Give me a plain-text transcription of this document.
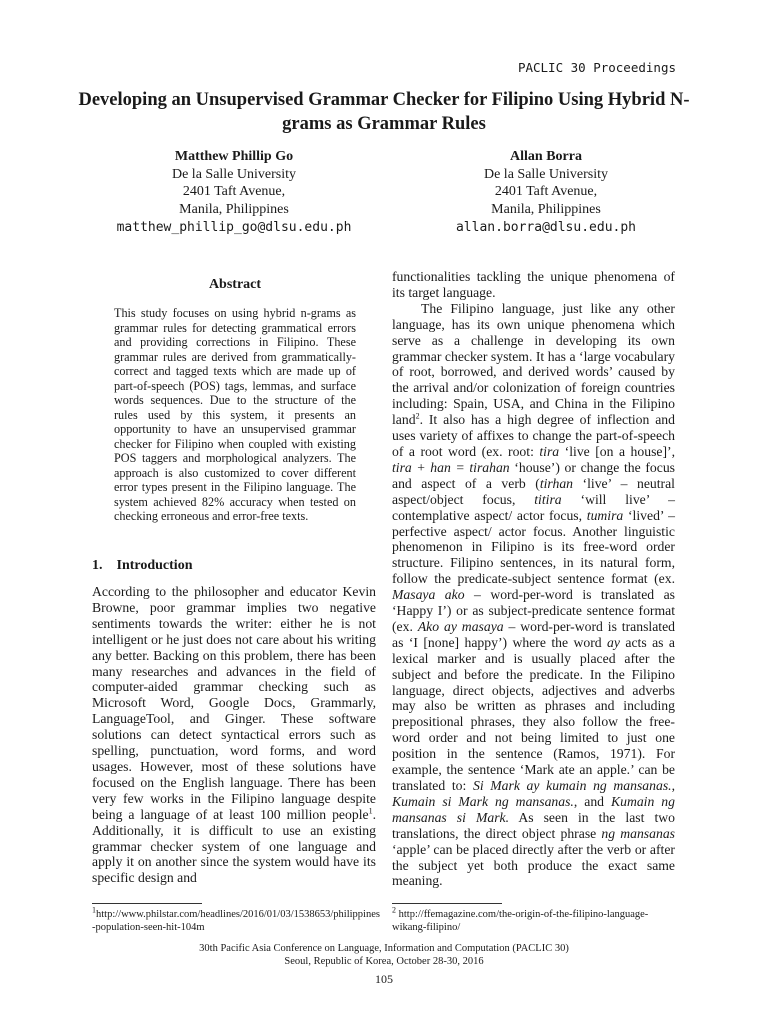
PACLIC 30 Proceedings
Developing an Unsupervised Grammar Checker for Filipino Using Hybrid N-grams as Grammar Rules
Matthew Phillip Go
De la Salle University
2401 Taft Avenue,
Manila, Philippines
matthew_phillip_go@dlsu.edu.ph
Allan Borra
De la Salle University
2401 Taft Avenue,
Manila, Philippines
allan.borra@dlsu.edu.ph
Abstract
This study focuses on using hybrid n-grams as grammar rules for detecting grammatical errors and providing corrections in Filipino. These grammar rules are derived from grammatically-correct and tagged texts which are made up of part-of-speech (POS) tags, lemmas, and surface words sequences. Due to the structure of the rules used by this system, it presents an opportunity to have an unsupervised grammar checker for Filipino when coupled with existing POS taggers and morphological analyzers. The approach is also customized to cover different error types present in the Filipino language. The system achieved 82% accuracy when tested on checking erroneous and error-free texts.
1. Introduction
According to the philosopher and educator Kevin Browne, poor grammar implies two negative sentiments towards the writer: either he is not intelligent or he just does not care about his writing any better. Backing on this problem, there has been many researches and advances in the field of computer-aided grammar checking such as Microsoft Word, Google Docs, Grammarly, LanguageTool, and Ginger. These software solutions can detect syntactical errors such as spelling, punctuation, word forms, and word usages. However, most of these solutions have focused on the English language. There has been very few works in the Filipino language despite being a language of at least 100 million people$^1$. Additionally, it is difficult to use an existing grammar checker system of one language and apply it on another since the system would have its specific design and

functionalities tackling the unique phenomena of its target language.

The Filipino language, just like any other language, has its own unique phenomena which serve as a challenge in developing its own grammar checker system. It has a ‘large vocabulary of root, borrowed, and derived words’ caused by the arrival and/or colonization of foreign countries including: Spain, USA, and China in the Filipino land$^2$. It also has a high degree of inflection and uses variety of affixes to change the part-of-speech of a root word (ex. root: tira ‘live [on a house]’, tira + han = tirahan ‘house’) or change the focus and aspect of a verb (tirhan ‘live’ – neutral aspect/object focus, titira ‘will live’ – contemplative aspect/ actor focus, tumira ‘lived’ – perfective aspect/ actor focus. Another linguistic phenomenon in Filipino is its free-word order structure. Filipino sentences, in its natural form, follow the predicate-subject sentence format (ex. Masaya ako – word-per-word is translated as ‘Happy I’) or as subject-predicate sentence format (ex. Ako ay masaya – word-per-word is translated as ‘I [none] happy’) where the word ay acts as a lexical marker and is usually placed after the subject and before the predicate. In the Filipino language, direct objects, adjectives and adverbs may also be written as phrases and including prepositional phrases, they also follow the free-word order and not being limited to just one position in the sentence (Ramos, 1971). For example, the sentence ‘Mark ate an apple.’ can be translated to: Si Mark ay kumain ng mansanas., Kumain si Mark ng mansanas., and Kumain ng mansanas si Mark. As seen in the last two translations, the direct object phrase ng mansanas ‘apple’ can be placed directly after the verb or after the subject yet both produce the exact same meaning.

$^1$http://www.philstar.com/headlines/2016/01/03/1538653/philippines-population-seen-hit-104m
$^2$ http://ffemagazine.com/the-origin-of-the-filipino-language-wikang-filipino/
30th Pacific Asia Conference on Language, Information and Computation (PACLIC 30)
Seoul, Republic of Korea, October 28-30, 2016
105
